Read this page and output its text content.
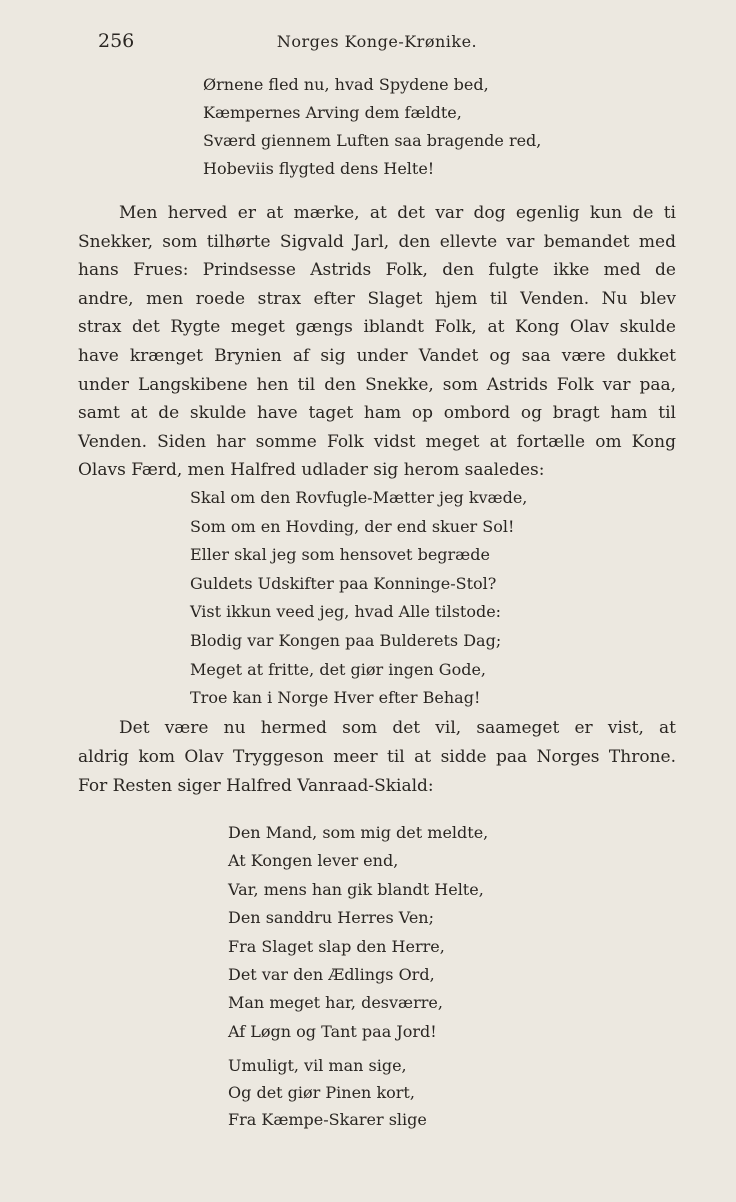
256	Norges Konge-Krønike.
Ørnene fled nu, hvad Spydene bed,
Kæmpernes Arving dem fældte,
Sværd giennem Luften saa bragende red,
Hobeviis flygted dens Helte!
Men herved er at mærke, at det var dog egenlig kun de ti
Snekker, som tilhørte Sigvald Jarl, den ellevte var bemandet med
hans Frues: Prindsesse Astrids Folk, den fulgte ikke med de
andre, men roede strax efter Slaget hjem til Venden. Nu blev
strax det Rygte meget gængs iblandt Folk, at Kong Olav skulde
have krænget Brynien af sig under Vandet og saa være dukket
under Langskibene hen til den Snekke, som Astrids Folk var paa,
samt at de skulde have taget ham op ombord og bragt ham til
Venden. Siden har somme Folk vidst meget at fortælle om Kong
Olavs Færd, men Halfred udlader sig herom saaledes:
Skal om den Rovfugle-Mætter jeg kvæde,
Som om en Hovding, der end skuer Sol!
Eller skal jeg som hensovet begræde
Guldets Udskifter paa Konninge-Stol?
Vist ikkun veed jeg, hvad Alle tilstode:
Blodig var Kongen paa Bulderets Dag;
Meget at fritte, det giør ingen Gode,
Troe kan i Norge Hver efter Behag!
Det være nu hermed som det vil, saameget er vist, at
aldrig kom Olav Tryggeson meer til at sidde paa Norges Throne.
For Resten siger Halfred Vanraad-Skiald:
Den Mand, som mig det meldte,
At Kongen lever end,
Var, mens han gik blandt Helte,
Den sanddru Herres Ven;
Fra Slaget slap den Herre,
Det var den Ædlings Ord,
Man meget har, desværre,
Af Løgn og Tant paa Jord!
Umuligt, vil man sige,
Og det giør Pinen kort,
Fra Kæmpe-Skarer slige
